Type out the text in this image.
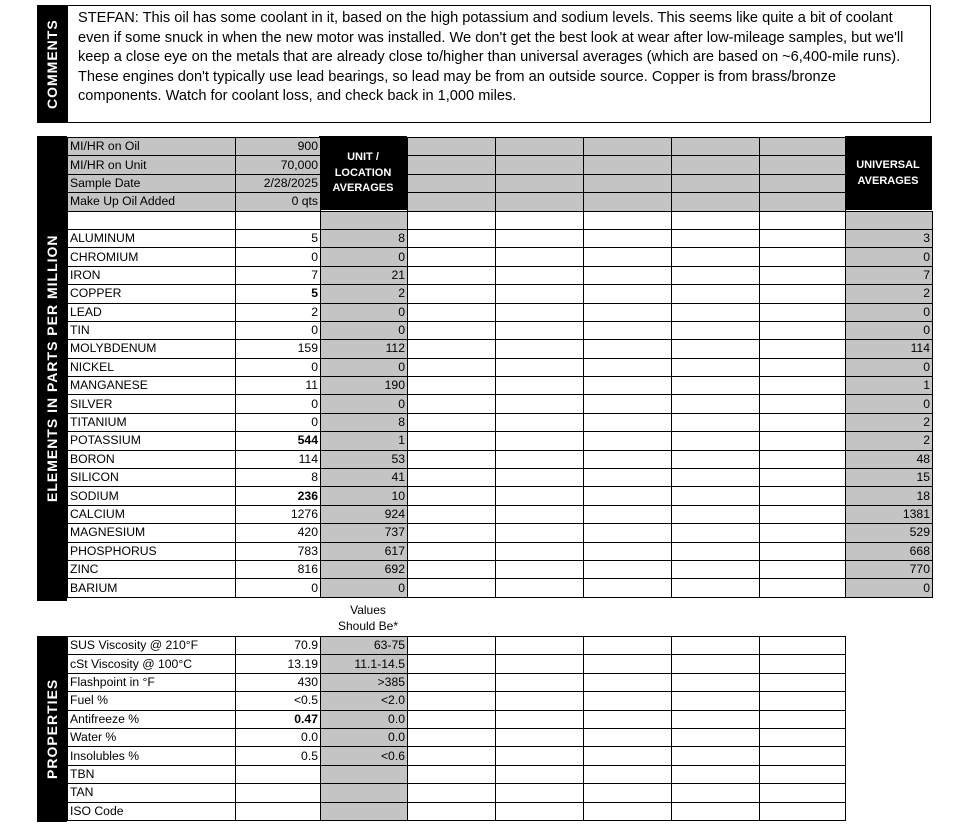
COMMENTS
STEFAN: This oil has some coolant in it, based on the high potassium and sodium levels. This seems like quite a bit of coolant even if some snuck in when the new motor was installed. We don't get the best look at wear after low-mileage samples, but we'll keep a close eye on the metals that are already close to/higher than universal averages (which are based on ~6,400-mile runs). These engines don't typically use lead bearings, so lead may be from an outside source. Copper is from brass/bronze components. Watch for coolant loss, and check back in 1,000 miles.
ELEMENTS IN PARTS PER MILLION
UNIT / LOCATION AVERAGES
UNIVERSAL AVERAGES
MI/HR on Oil	900							
MI/HR on Unit	70,000							
Sample Date	2/28/2025							
Make Up Oil Added	0 qts							

ALUMINUM	5	8						3
CHROMIUM	0	0						0
IRON	7	21						7
COPPER	5	2						2
LEAD	2	0						0
TIN	0	0						0
MOLYBDENUM	159	112						114
NICKEL	0	0						0
MANGANESE	11	190						1
SILVER	0	0						0
TITANIUM	0	8						2
POTASSIUM	544	1						2
BORON	114	53						48
SILICON	8	41						15
SODIUM	236	10						18
CALCIUM	1276	924						1381
MAGNESIUM	420	737						529
PHOSPHORUS	783	617						668
ZINC	816	692						770
BARIUM	0	0						0
Values Should Be*
PROPERTIES
SUS Viscosity @ 210°F	70.9	63-75					
cSt Viscosity @ 100°C	13.19	11.1-14.5					
Flashpoint in °F	430	>385					
Fuel %	<0.5	<2.0					
Antifreeze %	0.47	0.0					
Water %	0.0	0.0					
Insolubles %	0.5	<0.6					
TBN							
TAN							
ISO Code							
